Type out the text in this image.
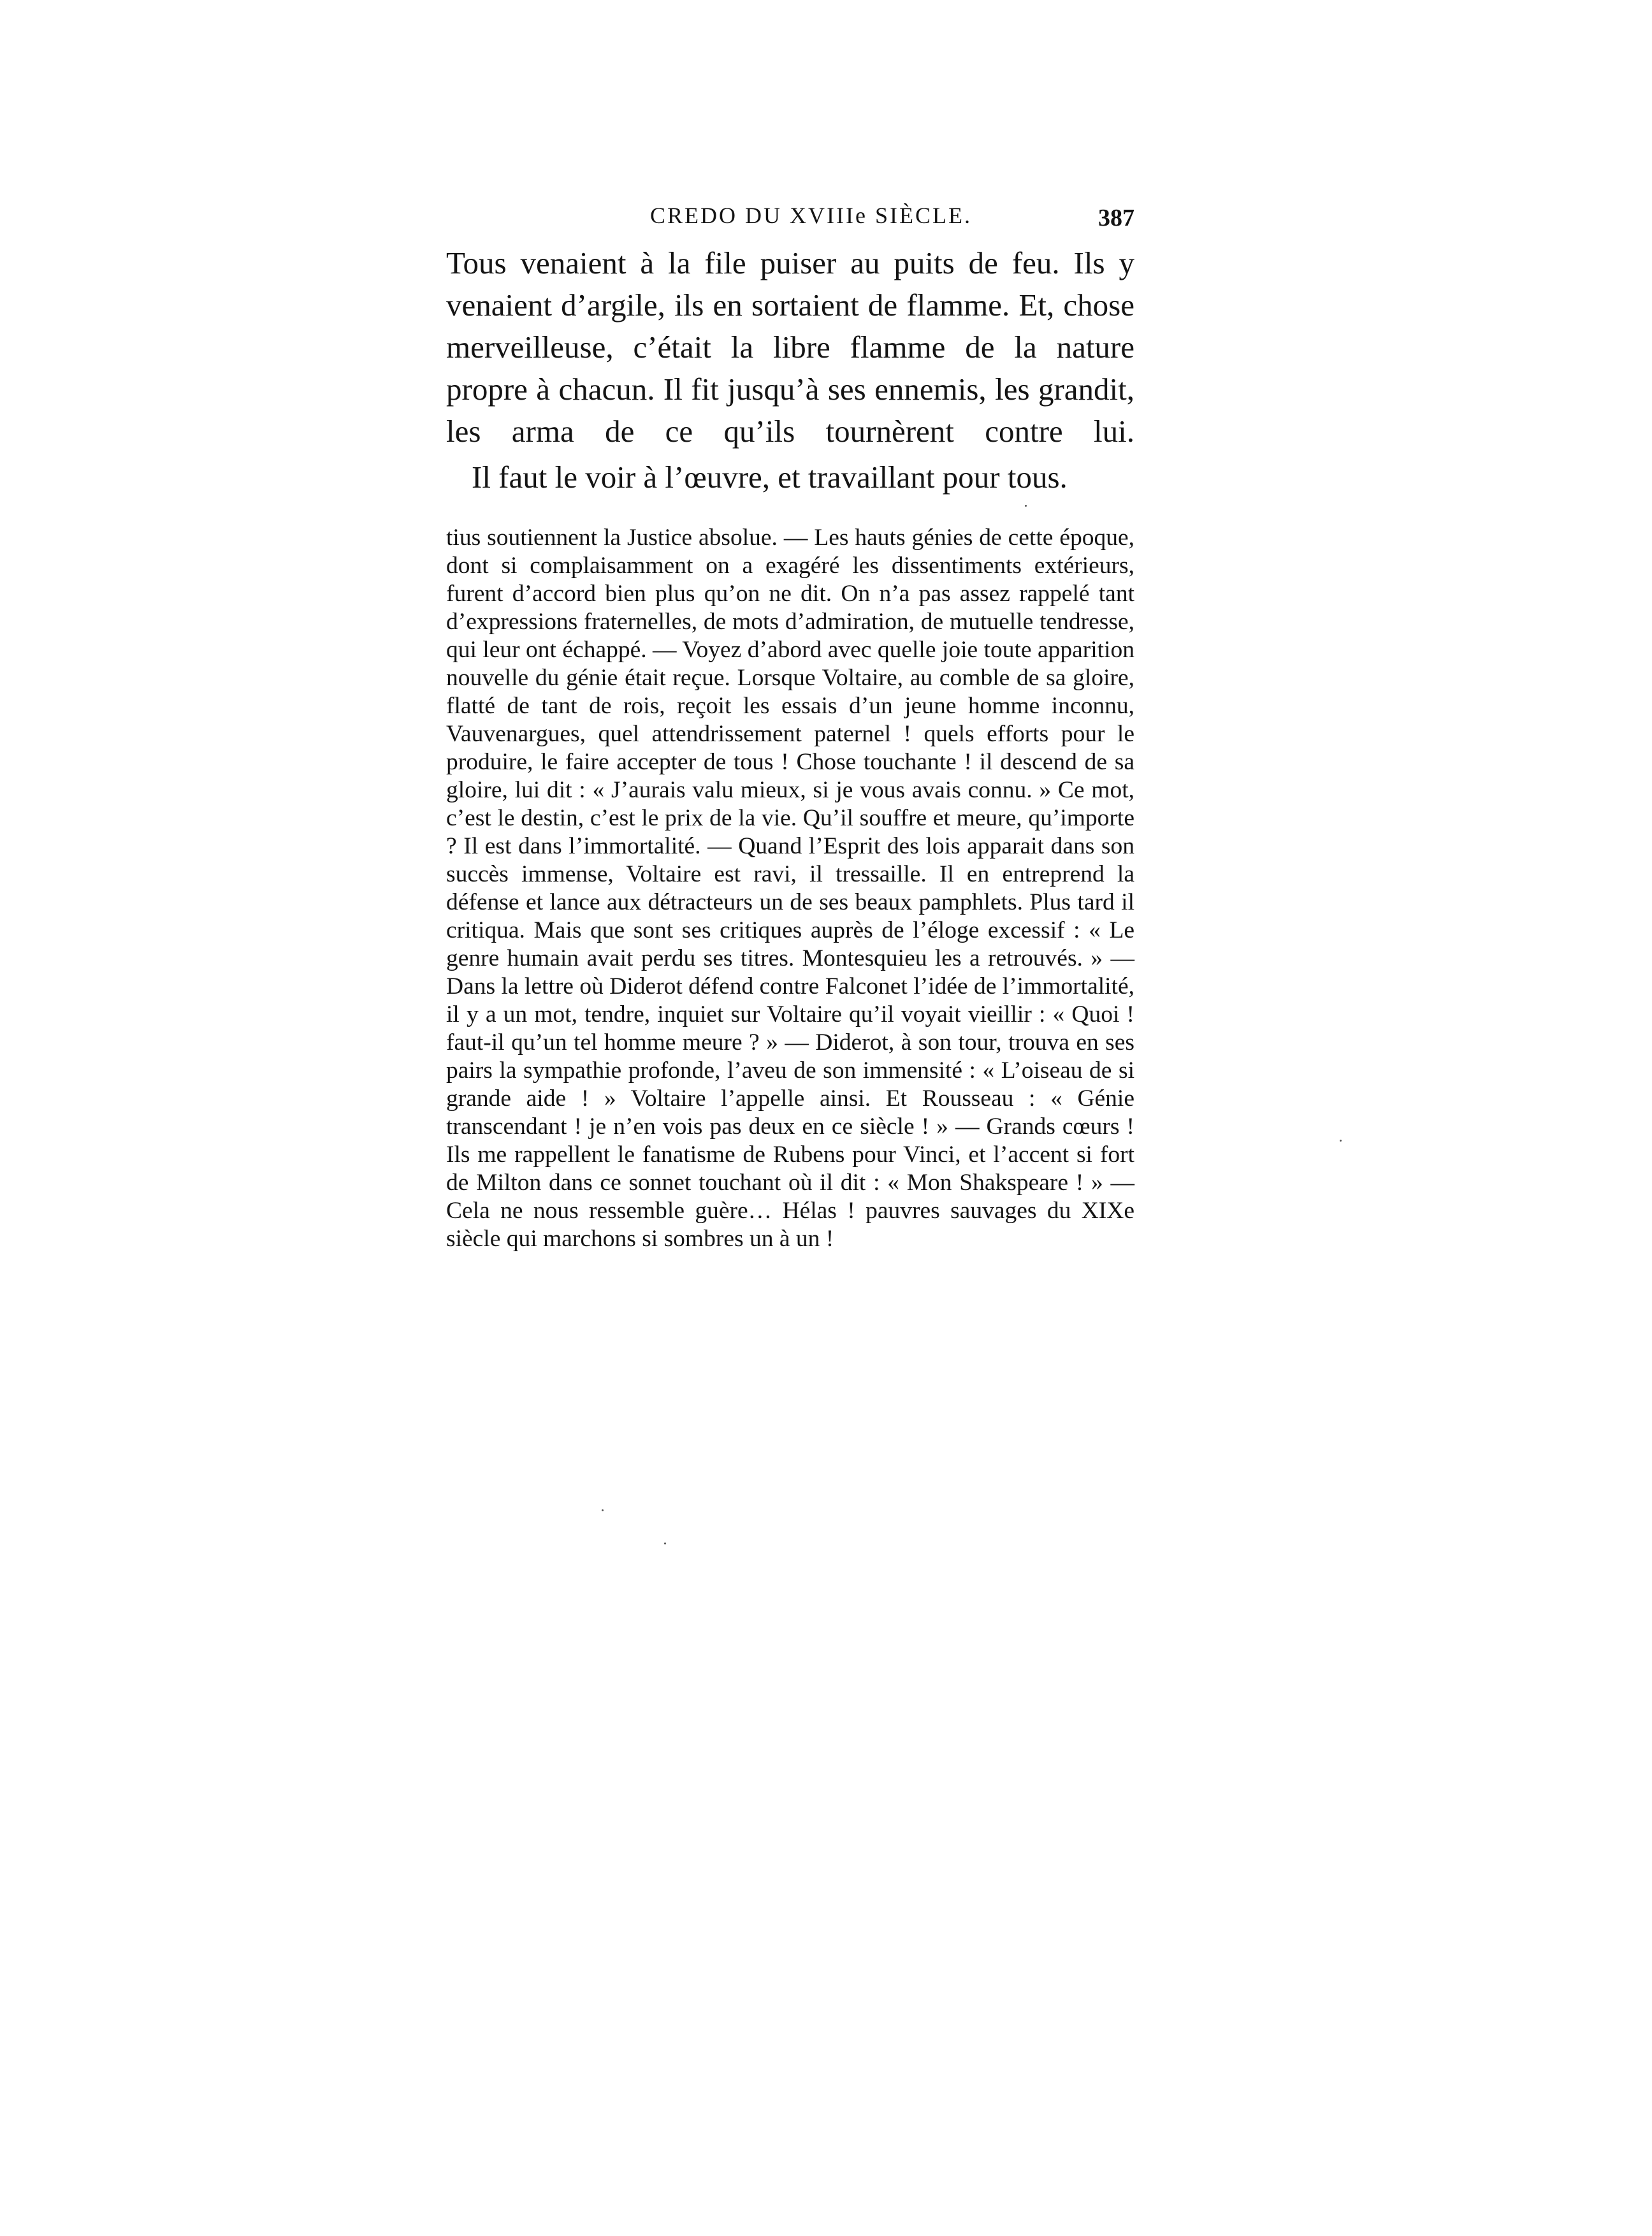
CREDO DU XVIIIe SIÈCLE.	387

Tous venaient à la file puiser au puits de feu. Ils y venaient d’argile, ils en sortaient de flamme. Et, chose merveilleuse, c’était la libre flamme de la nature propre à chacun. Il fit jusqu’à ses ennemis, les grandit, les arma de ce qu’ils tournèrent contre lui.

Il faut le voir à l’œuvre, et travaillant pour tous.

tius soutiennent la Justice absolue. — Les hauts génies de cette époque, dont si complaisamment on a exagéré les dissentiments extérieurs, furent d’accord bien plus qu’on ne dit. On n’a pas assez rappelé tant d’expressions fraternelles, de mots d’admiration, de mutuelle tendresse, qui leur ont échappé. — Voyez d’abord avec quelle joie toute apparition nouvelle du génie était reçue. Lorsque Voltaire, au comble de sa gloire, flatté de tant de rois, reçoit les essais d’un jeune homme inconnu, Vauvenargues, quel attendrissement paternel ! quels efforts pour le produire, le faire accepter de tous ! Chose touchante ! il descend de sa gloire, lui dit : « J’aurais valu mieux, si je vous avais connu. » Ce mot, c’est le destin, c’est le prix de la vie. Qu’il souffre et meure, qu’importe ? Il est dans l’immortalité. — Quand l’Esprit des lois apparait dans son succès immense, Voltaire est ravi, il tressaille. Il en entreprend la défense et lance aux détracteurs un de ses beaux pamphlets. Plus tard il critiqua. Mais que sont ses critiques auprès de l’éloge excessif : « Le genre humain avait perdu ses titres. Montesquieu les a retrouvés. » — Dans la lettre où Diderot défend contre Falconet l’idée de l’immortalité, il y a un mot, tendre, inquiet sur Voltaire qu’il voyait vieillir : « Quoi ! faut-il qu’un tel homme meure ? » — Diderot, à son tour, trouva en ses pairs la sympathie profonde, l’aveu de son immensité : « L’oiseau de si grande aide ! » Voltaire l’appelle ainsi. Et Rousseau : « Génie transcendant ! je n’en vois pas deux en ce siècle ! » — Grands cœurs ! Ils me rappellent le fanatisme de Rubens pour Vinci, et l’accent si fort de Milton dans ce sonnet touchant où il dit : « Mon Shakspeare ! » — Cela ne nous ressemble guère… Hélas ! pauvres sauvages du XIXe siècle qui marchons si sombres un à un !
